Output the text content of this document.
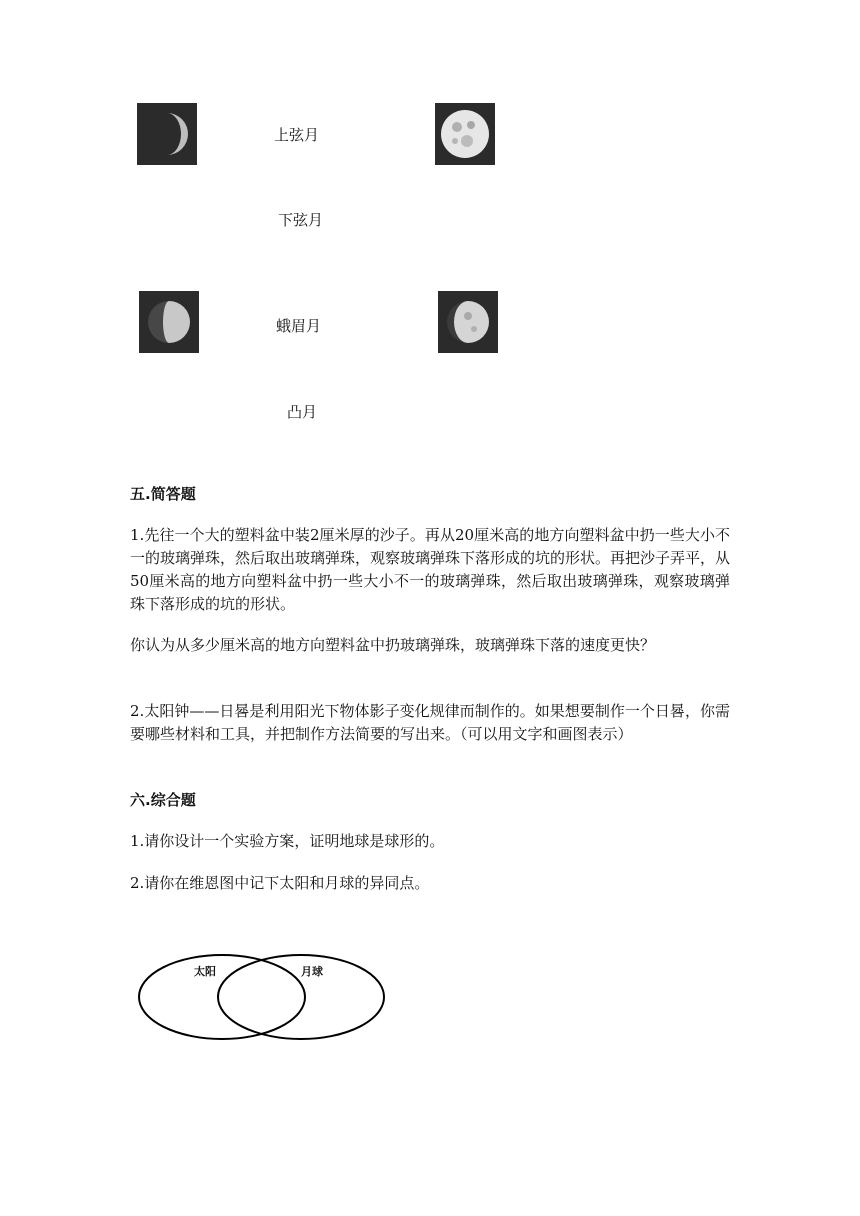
上弦月
下弦月
蛾眉月
凸月
五.简答题
1.先往一个大的塑料盆中装2厘米厚的沙子。再从20厘米高的地方向塑料盆中扔一些大小不一的玻璃弹珠，然后取出玻璃弹珠，观察玻璃弹珠下落形成的坑的形状。再把沙子弄平，从50厘米高的地方向塑料盆中扔一些大小不一的玻璃弹珠，然后取出玻璃弹珠，观察玻璃弹珠下落形成的坑的形状。
你认为从多少厘米高的地方向塑料盆中扔玻璃弹珠，玻璃弹珠下落的速度更快？
2.太阳钟——日晷是利用阳光下物体影子变化规律而制作的。如果想要制作一个日晷，你需要哪些材料和工具，并把制作方法简要的写出来。（可以用文字和画图表示）
六.综合题
1.请你设计一个实验方案，证明地球是球形的。
2.请你在维恩图中记下太阳和月球的异同点。
太阳	月球
